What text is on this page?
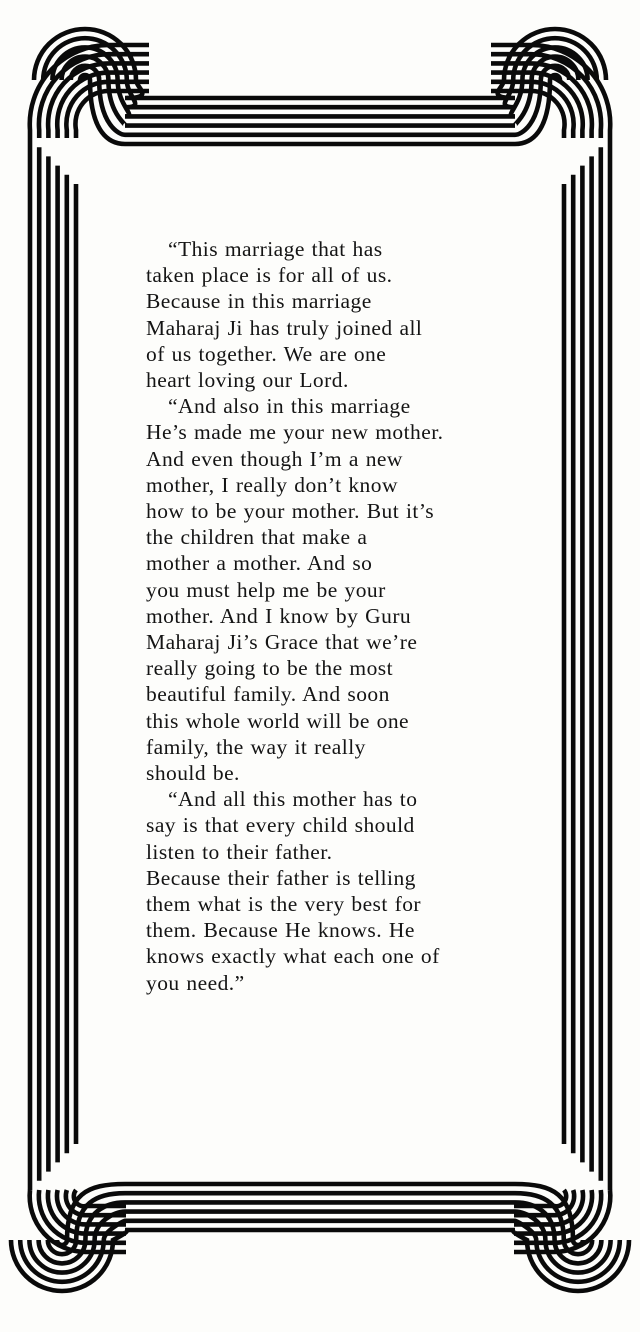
“This marriage that has
taken place is for all of us.
Because in this marriage
Maharaj Ji has truly joined all
of us together. We are one
heart loving our Lord.
“And also in this marriage
He’s made me your new mother.
And even though I’m a new
mother, I really don’t know
how to be your mother. But it’s
the children that make a
mother a mother. And so
you must help me be your
mother. And I know by Guru
Maharaj Ji’s Grace that we’re
really going to be the most
beautiful family. And soon
this whole world will be one
family, the way it really
should be.
“And all this mother has to
say is that every child should
listen to their father.
Because their father is telling
them what is the very best for
them. Because He knows. He
knows exactly what each one of
you need.”
